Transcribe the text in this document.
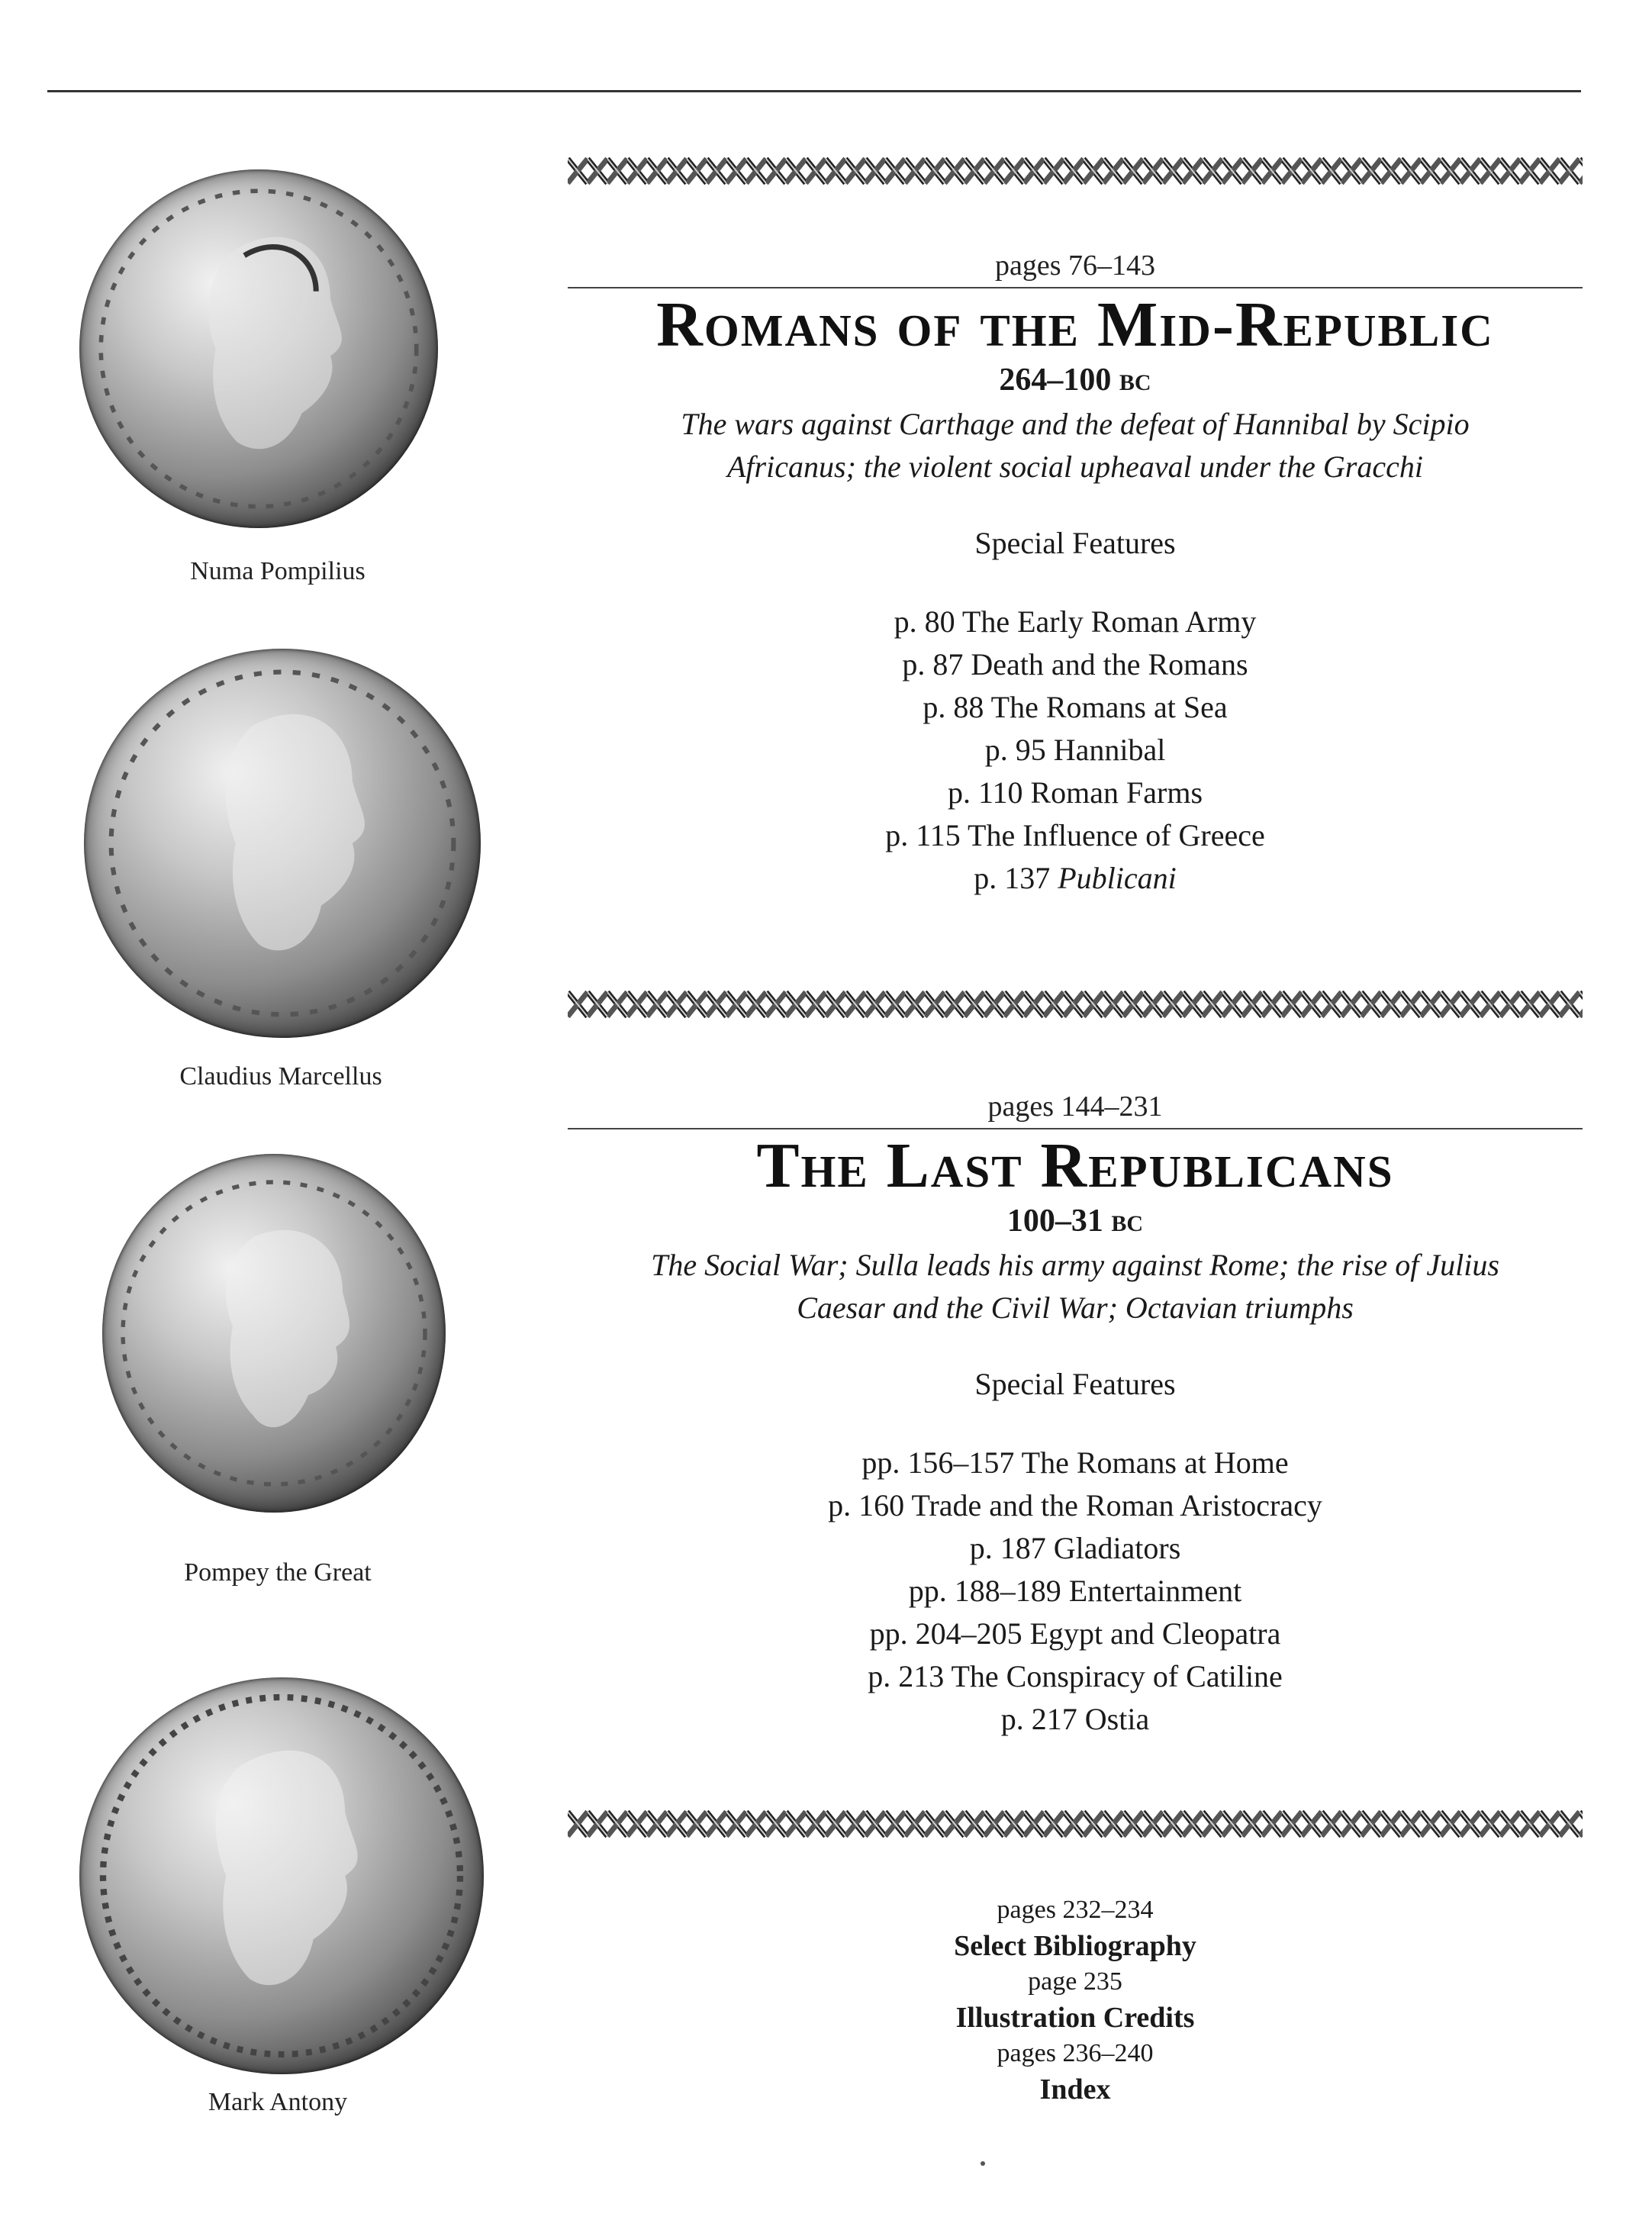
Numa Pompilius
Claudius Marcellus
Pompey the Great
Mark Antony
pages 76–143
Romans of the Mid-Republic
264–100 BC
The wars against Carthage and the defeat of Hannibal by Scipio
Africanus; the violent social upheaval under the Gracchi
Special Features
p. 80 The Early Roman Army
p. 87 Death and the Romans
p. 88 The Romans at Sea
p. 95 Hannibal
p. 110 Roman Farms
p. 115 The Influence of Greece
p. 137 Publicani
pages 144–231
The Last Republicans
100–31 BC
The Social War; Sulla leads his army against Rome; the rise of Julius
Caesar and the Civil War; Octavian triumphs
Special Features
pp. 156–157 The Romans at Home
p. 160 Trade and the Roman Aristocracy
p. 187 Gladiators
pp. 188–189 Entertainment
pp. 204–205 Egypt and Cleopatra
p. 213 The Conspiracy of Catiline
p. 217 Ostia
pages 232–234
Select Bibliography
page 235
Illustration Credits
pages 236–240
Index
